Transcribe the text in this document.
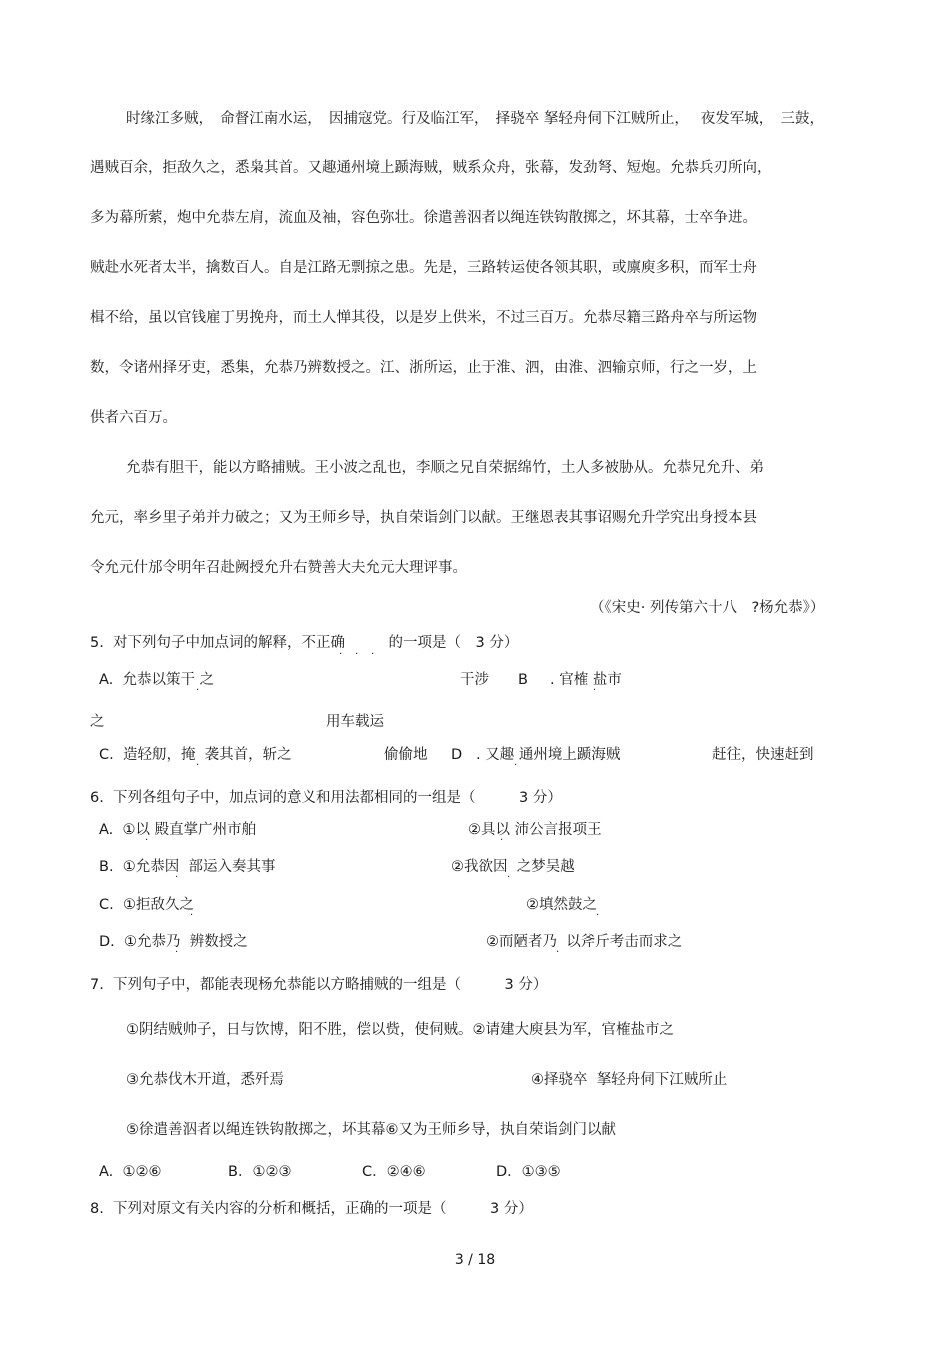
时缘江多贼，　命督江南水运，　因捕寇党。行及临江军，　择骁卒 拏轻舟伺下江贼所止，　 夜发军城，　三鼓，
遇贼百余，拒敌久之，悉枭其首。又趣通州境上踬海贼，贼系众舟，张幕，发劲弩、短炮。允恭兵刃所向，
多为幕所萦，炮中允恭左肩，流血及袖，容色弥壮。徐遣善泅者以绳连铁钩散掷之，坏其幕，士卒争进。
贼赴水死者太半，擒数百人。自是江路无剽掠之患。先是，三路转运使各领其职，或廪庾多积，而军士舟
楫不给，虽以官钱雇丁男挽舟，而土人惮其役，以是岁上供米，不过三百万。允恭尽籍三路舟卒与所运物
数，令诸州择牙吏，悉集，允恭乃辨数授之。江、浙所运，止于淮、泗，由淮、泗输京师，行之一岁，上
供者六百万。
允恭有胆干，能以方略捕贼。王小波之乱也，李顺之兄自荣据绵竹，土人多被胁从。允恭兄允升、弟
允元，率乡里子弟并力破之；又为王师乡导，执自荣诣剑门以献。王继恩表其事诏赐允升学究出身授本县
令允元什邡令明年召赴阙授允升右赞善大夫允元大理评事。
（《宋史· 列传第六十八　?杨允恭》）
5.  对下列句子中加点词的解释，不正确　　　的一项是（　3 分）
· · ·
A.  允恭以策干 之
·
干涉 B . 官榷 盐市
·
之	用车载运
C.  造轻舠，掩  袭其首，斩之
·
偷偷地 D   . 又趣 通州境上踬海贼
·
赶往，快速赶到
6.  下列各组句子中，加点词的意义和用法都相同的一组是（　　　3 分）
A.  ①以 殿直掌广州市舶
·
②具以 沛公言报项王
·
B.  ①允恭因  部运入奏其事
·
②我欲因  之梦吴越
·
C.  ①拒敌久之
·
②填然鼓之
·
D.  ①允恭乃  辨数授之
·
②而陋者乃  以斧斤考击而求之
·
7.  下列句子中，都能表现杨允恭能以方略捕贼的一组是（　　　3 分）
①阴结贼帅子，日与饮博，阳不胜，偿以赀，使伺贼。②请建大庾县为军，官榷盐市之
③允恭伐木开道，悉歼焉	④择骁卒  拏轻舟伺下江贼所止
⑤徐遣善泅者以绳连铁钩散掷之，坏其幕⑥又为王师乡导，执自荣诣剑门以献
A.  ①②⑥	B．①②③	C．②④⑥	D．①③⑤
8.  下列对原文有关内容的分析和概括，正确的一项是（　　　3 分）
3 / 18
